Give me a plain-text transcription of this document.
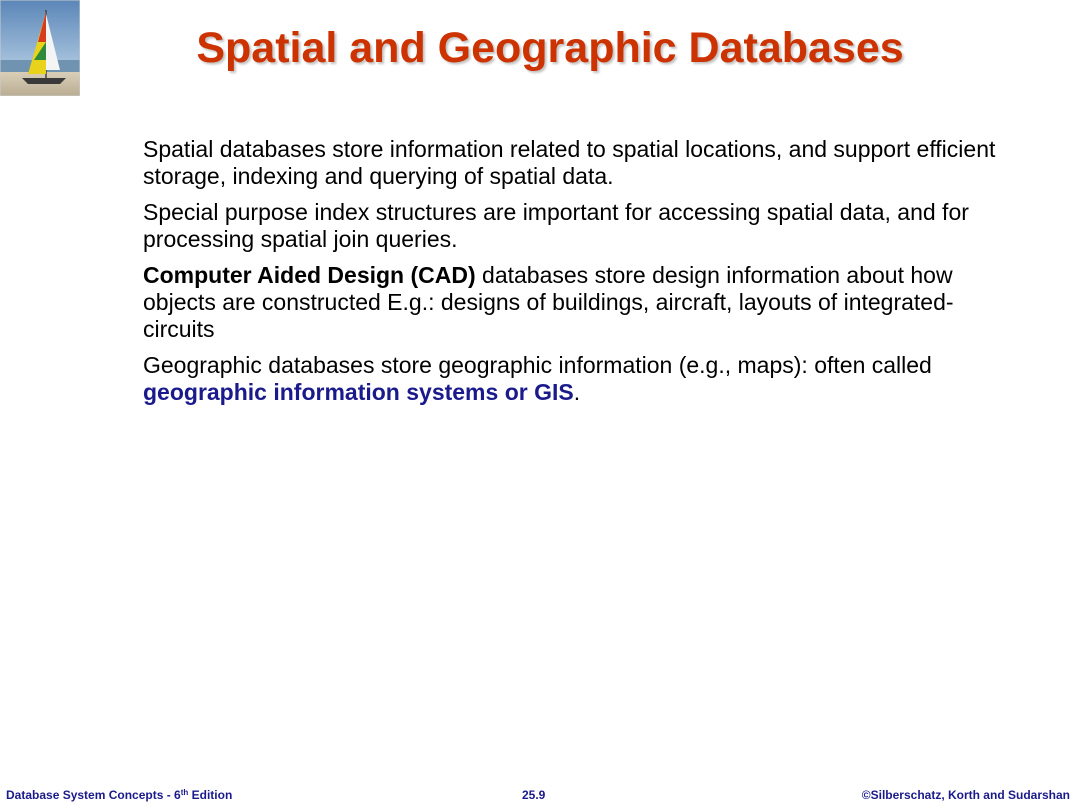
Spatial and Geographic Databases

Spatial databases store information related to spatial locations, and support efficient storage, indexing and querying of spatial data.

Special purpose index structures are important for accessing spatial data, and for processing spatial join queries.

Computer Aided Design (CAD) databases store design information about how objects are constructed E.g.: designs of buildings, aircraft, layouts of integrated-circuits

Geographic databases store geographic information (e.g., maps): often called geographic information systems or GIS.

Database System Concepts - 6th Edition	25.9	©Silberschatz, Korth and Sudarshan
